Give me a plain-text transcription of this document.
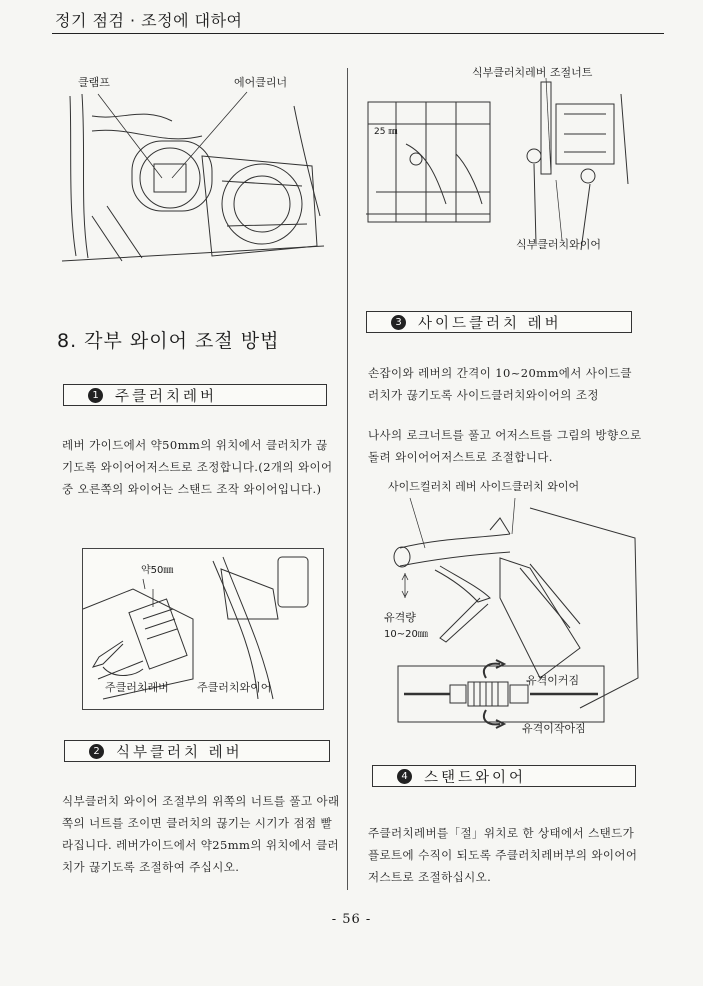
정기 점검 · 조정에 대하여
클램프	에어클리너
식부클러치레버 조절너트
25 ㎜
식부클러치와이어
8. 각부 와이어 조절 방법
1 주클러치레버
레버 가이드에서 약50mm의 위치에서 클러치가 끊기도록 와이어어저스트로 조정합니다.(2개의 와이어 중 오른쪽의 와이어는 스탠드 조작 와이어입니다.)
약50㎜
주클러치레버	주클러치와이어
2 식부클러치 레버
식부클러치 와이어 조절부의 위쪽의 너트를 풀고 아래쪽의 너트를 조이면 클러치의 끊기는 시기가 점점 빨라집니다. 레버가이드에서 약25mm의 위치에서 클러치가 끊기도록 조절하여 주십시오.
3 사이드클러치 레버
손잡이와 레버의 간격이 10~20mm에서 사이드클러치가 끊기도록 사이드클러치와이어의 조정
나사의 로크너트를 풀고 어저스트를 그림의 방향으로 돌려 와이어어저스트로 조절합니다.
사이드컬러치 레버 사이드클러치 와이어
유격량
10~20㎜
유격이커짐
유격이작아짐
4 스탠드와이어
주클러치레버를「절」위치로 한 상태에서 스탠드가 플로트에 수직이 되도록 주클러치레버부의 와이어어저스트로 조절하십시오.
- 56 -
